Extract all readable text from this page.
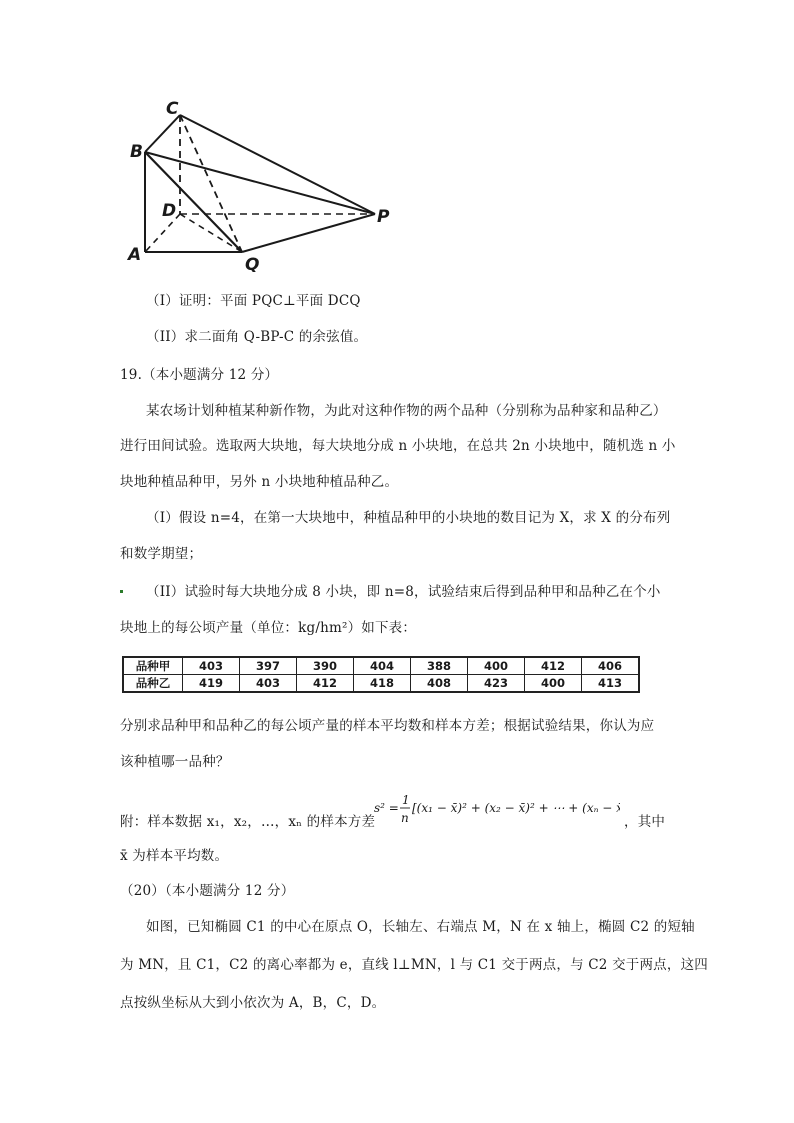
C
B
D
A	Q
P
（I）证明：平面 PQC⊥平面 DCQ
（II）求二面角 Q-BP-C 的余弦值。
19.（本小题满分 12 分）
某农场计划种植某种新作物，为此对这种作物的两个品种（分别称为品种家和品种乙）
进行田间试验。选取两大块地，每大块地分成 n 小块地，在总共 2n 小块地中，随机选 n 小
块地种植品种甲，另外 n 小块地种植品种乙。
（I）假设 n=4，在第一大块地中，种植品种甲的小块地的数目记为 X，求 X 的分布列
和数学期望；
（II）试验时每大块地分成 8 小块，即 n=8，试验结束后得到品种甲和品种乙在个小
块地上的每公顷产量（单位：kg/hm²）如下表：
品种甲	403	397	390	404	388	400	412	406
品种乙	419	403	412	418	408	423	400	413
分别求品种甲和品种乙的每公顷产量的样本平均数和样本方差；根据试验结果，你认为应
该种植哪一品种？
附：样本数据 x₁，x₂，…，xₙ 的样本方差
s² =
1
n
[(x₁ − x̄)² + (x₂ − x̄)² + ⋯ + (xₙ − x̄)²]
，其中
x̄ 为样本平均数。
（20）（本小题满分 12 分）
如图，已知椭圆 C1 的中心在原点 O，长轴左、右端点 M，N 在 x 轴上，椭圆 C2 的短轴
为 MN，且 C1，C2 的离心率都为 e，直线 l⊥MN，l 与 C1 交于两点，与 C2 交于两点，这四
点按纵坐标从大到小依次为 A，B，C，D。
